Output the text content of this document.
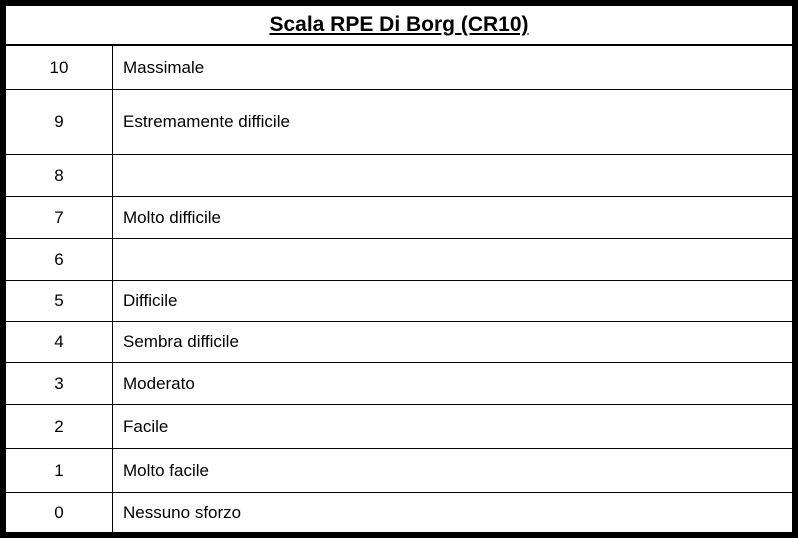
Scala RPE Di Borg (CR10)
10	Massimale
9	Estremamente difficile
8
7	Molto difficile
6
5	Difficile
4	Sembra difficile
3	Moderato
2	Facile
1	Molto facile
0	Nessuno sforzo
